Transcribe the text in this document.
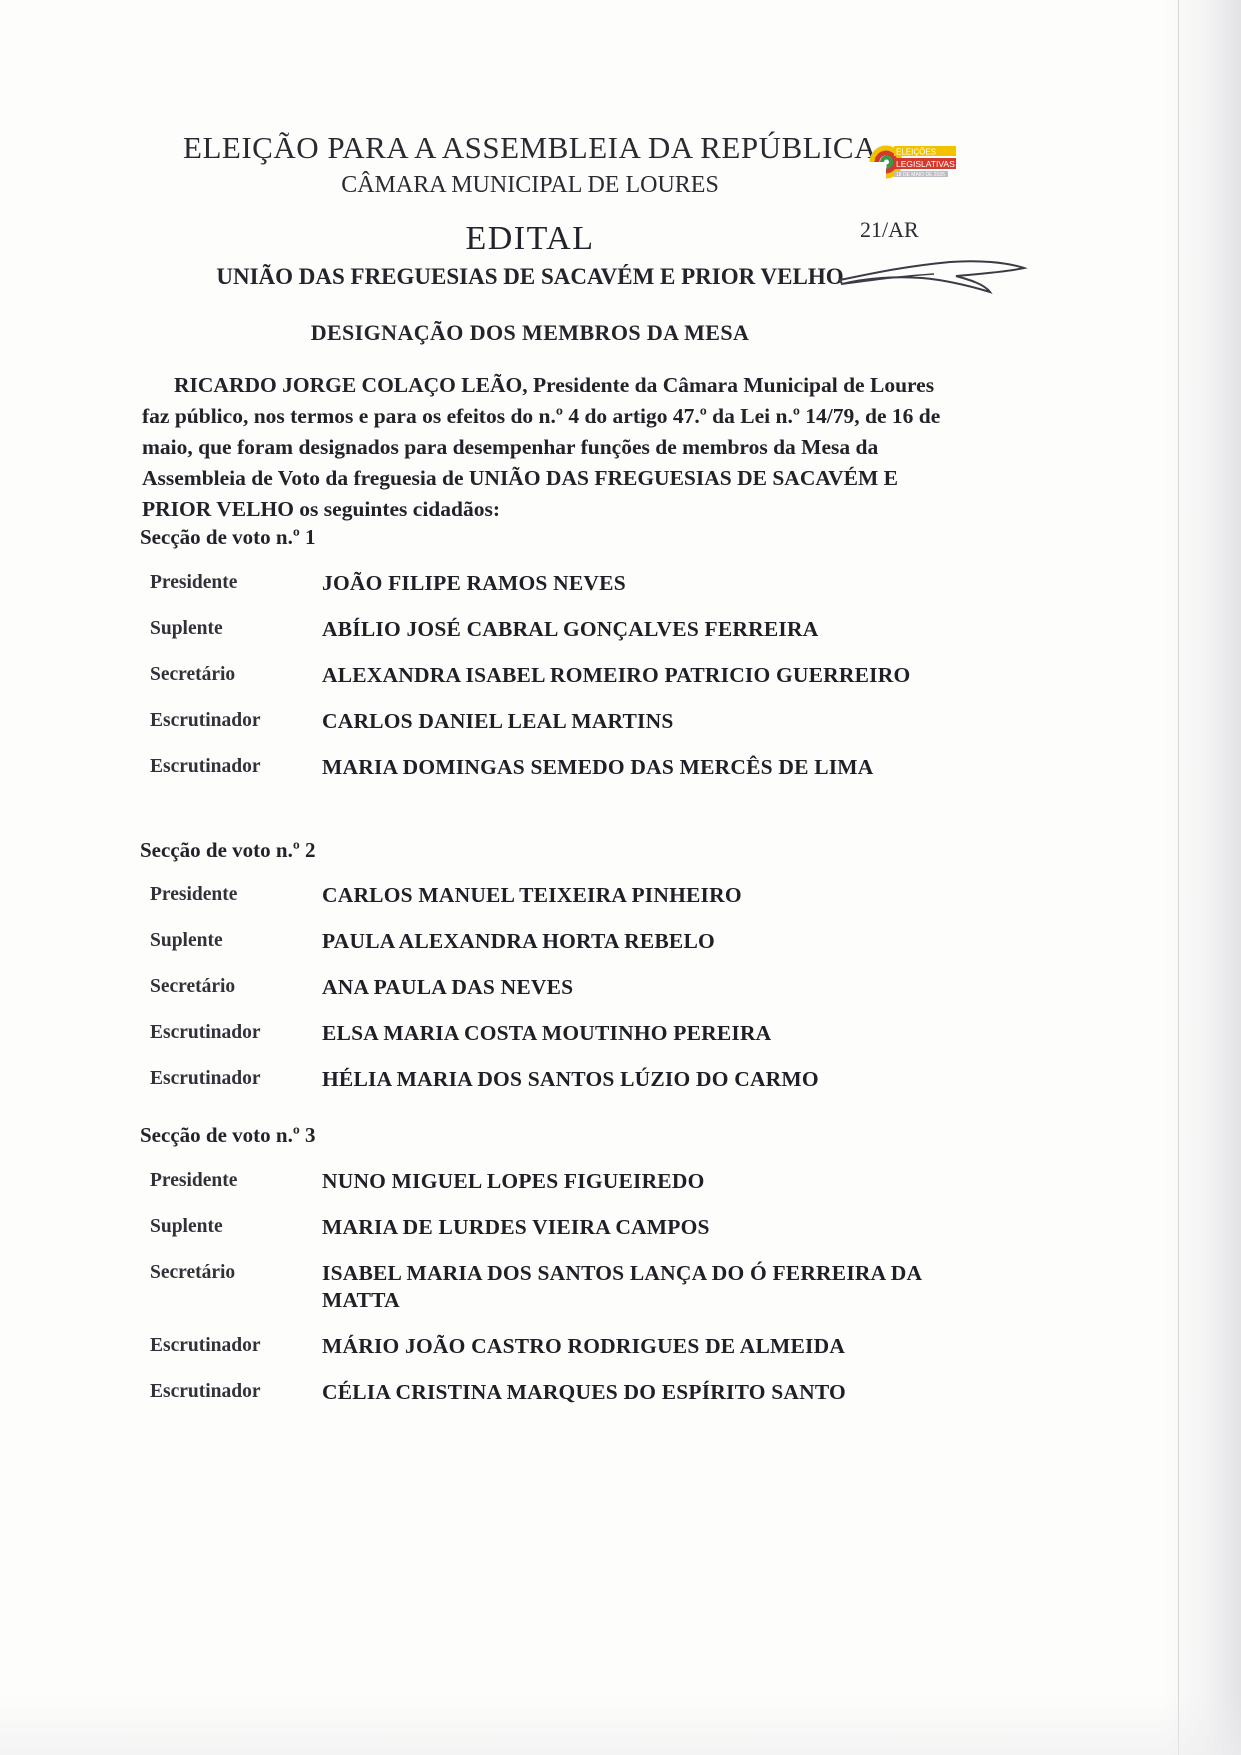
ELEIÇÃO PARA A ASSEMBLEIA DA REPÚBLICA
CÂMARA MUNICIPAL DE LOURES
EDITAL	21/AR
UNIÃO DAS FREGUESIAS DE SACAVÉM E PRIOR VELHO
DESIGNAÇÃO DOS MEMBROS DA MESA
ELEIÇÕES
LEGISLATIVAS
18 DE MAIO DE 2025
RICARDO JORGE COLAÇO LEÃO, Presidente da Câmara Municipal de Loures faz público, nos termos e para os efeitos do n.º 4 do artigo 47.º da Lei n.º 14/79, de 16 de maio, que foram designados para desempenhar funções de membros da Mesa da Assembleia de Voto da freguesia de UNIÃO DAS FREGUESIAS DE SACAVÉM E PRIOR VELHO os seguintes cidadãos:
Secção de voto n.º 1
Presidente	JOÃO FILIPE RAMOS NEVES
Suplente	ABÍLIO JOSÉ CABRAL GONÇALVES FERREIRA
Secretário	ALEXANDRA ISABEL ROMEIRO PATRICIO GUERREIRO
Escrutinador	CARLOS DANIEL LEAL MARTINS
Escrutinador	MARIA DOMINGAS SEMEDO DAS MERCÊS DE LIMA
Secção de voto n.º 2
Presidente	CARLOS MANUEL TEIXEIRA PINHEIRO
Suplente	PAULA ALEXANDRA HORTA REBELO
Secretário	ANA PAULA DAS NEVES
Escrutinador	ELSA MARIA COSTA MOUTINHO PEREIRA
Escrutinador	HÉLIA MARIA DOS SANTOS LÚZIO DO CARMO
Secção de voto n.º 3
Presidente	NUNO MIGUEL LOPES FIGUEIREDO
Suplente	MARIA DE LURDES VIEIRA CAMPOS
Secretário	ISABEL MARIA DOS SANTOS LANÇA DO Ó FERREIRA DA MATTA
Escrutinador	MÁRIO JOÃO CASTRO RODRIGUES DE ALMEIDA
Escrutinador	CÉLIA CRISTINA MARQUES DO ESPÍRITO SANTO
